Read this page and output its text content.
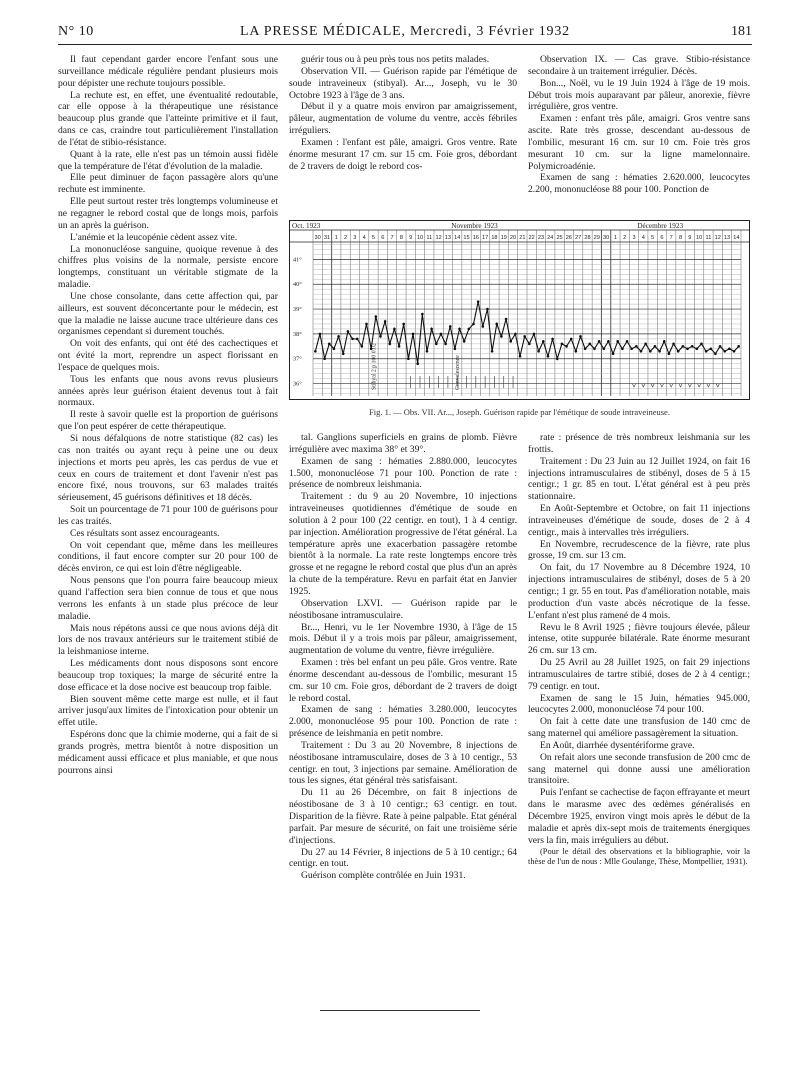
N° 10	LA PRESSE MÉDICALE, Mercredi, 3 Février 1932	181

Il faut cependant garder encore l'enfant sous une surveillance médicale régulière pendant plusieurs mois pour dépister une rechute toujours possible.

La rechute est, en effet, une éventualité redoutable, car elle oppose à la thérapeutique une résistance beaucoup plus grande que l'atteinte primitive et il faut, dans ce cas, craindre tout particulièrement l'installation de l'état de stibio-résistance.

Quant à la rate, elle n'est pas un témoin aussi fidèle que la température de l'état d'évolution de la maladie.

Elle peut diminuer de façon passagère alors qu'une rechute est imminente.

Elle peut surtout rester très longtemps volumineuse et ne regagner le rebord costal que de longs mois, parfois un an après la guérison.

L'anémie et la leucopénie cèdent assez vite.

La mononucléose sanguine, quoique revenue à des chiffres plus voisins de la normale, persiste encore longtemps, constituant un véritable stigmate de la maladie.

Une chose consolante, dans cette affection qui, par ailleurs, est souvent déconcertante pour le médecin, est que la maladie ne laisse aucune trace ultérieure dans ces organismes cependant si durement touchés.

On voit des enfants, qui ont été des cachectiques et ont évité la mort, reprendre un aspect florissant en l'espace de quelques mois.

Tous les enfants que nous avons revus plusieurs années après leur guérison étaient devenus tout à fait normaux.

Il reste à savoir quelle est la proportion de guérisons que l'on peut espérer de cette thérapeutique.

Si nous défalquons de notre statistique (82 cas) les cas non traités ou ayant reçu à peine une ou deux injections et morts peu après, les cas perdus de vue et ceux en cours de traitement et dont l'avenir n'est pas encore fixé, nous trouvons, sur 63 malades traités sérieusement, 45 guérisons définitives et 18 décès.

Soit un pourcentage de 71 pour 100 de guérisons pour les cas traités.

Ces résultats sont assez encourageants.

On voit cependant que, même dans les meilleures conditions, il faut encore compter sur 20 pour 100 de décès environ, ce qui est loin d'être négligeable.

Nous pensons que l'on pourra faire beaucoup mieux quand l'affection sera bien connue de tous et que nous verrons les enfants à un stade plus précoce de leur maladie.

Mais nous répétons aussi ce que nous avions déjà dit lors de nos travaux antérieurs sur le traitement stibié de la leishmaniose interne.

Les médicaments dont nous disposons sont encore beaucoup trop toxiques; la marge de sécurité entre la dose efficace et la dose nocive est beaucoup trop faible.

Bien souvent même cette marge est nulle, et il faut arriver jusqu'aux limites de l'intoxication pour obtenir un effet utile.

Espérons donc que la chimie moderne, qui a fait de si grands progrès, mettra bientôt à notre disposition un médicament aussi efficace et plus maniable, et que nous pourrons ainsi

guérir tous ou à peu près tous nos petits malades.

Observation VII. — Guérison rapide par l'émétique de soude intraveineux (stibyal). Ar..., Joseph, vu le 30 Octobre 1923 à l'âge de 3 ans.

Début il y a quatre mois environ par amaigrissement, pâleur, augmentation de volume du ventre, accès fébriles irréguliers.

Examen : l'enfant est pâle, amaigri. Gros ventre. Rate énorme mesurant 17 cm. sur 15 cm. Foie gros, débordant de 2 travers de doigt le rebord cos-

Observation IX. — Cas grave. Stibio-résistance secondaire à un traitement irrégulier. Décès.

Bon..., Noël, vu le 19 Juin 1924 à l'âge de 19 mois. Début trois mois auparavant par pâleur, anorexie, fièvre irrégulière, gros ventre.

Examen : enfant très pâle, amaigri. Gros ventre sans ascite. Rate très grosse, descendant au-dessous de l'ombilic, mesurant 16 cm. sur 10 cm. Foie très gros mesurant 10 cm. sur la ligne mamelonnaire. Polymicroadénie.

Examen de sang : hématies 2.620.000, leucocytes 2.200, mononucléose 88 pour 100. Ponction de

Oct. 1923	Novembre 1923	Décembre 1923
30 31 1 2 3 4 5 6 7 8 9 10 11 12 13 14 15 16 17 18 19 20 21 22 23 24 25 26 27 28 29 30 1 2 3 4 5 6 7 8 9 10 11 12 13 14
41°
40°
39°
38°
37°
36°	Stibyal 2 p 100 0.02	Convalescence
Fig. 1. — Obs. VII. Ar..., Joseph. Guérison rapide par l'émétique de soude intraveineuse.

tal. Ganglions superficiels en grains de plomb. Fièvre irrégulière avec maxima 38° et 39°.

Examen de sang : hématies 2.880.000, leucocytes 1.500, mononucléose 71 pour 100. Ponction de rate : présence de nombreux leishmania.

Traitement : du 9 au 20 Novembre, 10 injections intraveineuses quotidiennes d'émétique de soude en solution à 2 pour 100 (22 centigr. en tout), 1 à 4 centigr. par injection. Amélioration progressive de l'état général. La température après une exacerbation passagère retombe bientôt à la normale. La rate reste longtemps encore très grosse et ne regagne le rebord costal que plus d'un an après la chute de la température. Revu en parfait état en Janvier 1925.

Observation LXVI. — Guérison rapide par le néostibosane intramusculaire.

Br..., Henri, vu le 1er Novembre 1930, à l'âge de 15 mois. Début il y a trois mois par pâleur, amaigrissement, augmentation de volume du ventre, fièvre irrégulière.

Examen : très bel enfant un peu pâle. Gros ventre. Rate énorme descendant au-dessous de l'ombilic, mesurant 15 cm. sur 10 cm. Foie gros, débordant de 2 travers de doigt le rebord costal.

Examen de sang : hématies 3.280.000, leucocytes 2.000, mononucléose 95 pour 100. Ponction de rate : présence de leishmania en petit nombre.

Traitement : Du 3 au 20 Novembre, 8 injections de néostibosane intramusculaire, doses de 3 à 10 centigr., 53 centigr. en tout, 3 injections par semaine. Amélioration de tous les signes, état général très satisfaisant.

Du 11 au 26 Décembre, on fait 8 injections de néostibosane de 3 à 10 centigr.; 63 centigr. en tout. Disparition de la fièvre. Rate à peine palpable. Etat général parfait. Par mesure de sécurité, on fait une troisième série d'injections.

Du 27 au 14 Février, 8 injections de 5 à 10 centigr.; 64 centigr. en tout.

Guérison complète contrôlée en Juin 1931.

rate : présence de très nombreux leishmania sur les frottis.

Traitement : Du 23 Juin au 12 Juillet 1924, on fait 16 injections intramusculaires de stibényl, doses de 5 à 15 centigr.; 1 gr. 85 en tout. L'état général est à peu près stationnaire.

En Août-Septembre et Octobre, on fait 11 injections intraveineuses d'émétique de soude, doses de 2 à 4 centigr., mais à intervalles très irréguliers.

En Novembre, recrudescence de la fièvre, rate plus grosse, 19 cm. sur 13 cm.

On fait, du 17 Novembre au 8 Décembre 1924, 10 injections intramusculaires de stibényl, doses de 5 à 20 centigr.; 1 gr. 55 en tout. Pas d'amélioration notable, mais production d'un vaste abcès nécrotique de la fesse. L'enfant n'est plus ramené de 4 mois.

Revu le 8 Avril 1925 ; fièvre toujours élevée, pâleur intense, otite suppurée bilatérale. Rate énorme mesurant 26 cm. sur 13 cm.

Du 25 Avril au 28 Juillet 1925, on fait 29 injections intramusculaires de tartre stibié, doses de 2 à 4 centigr.; 79 centigr. en tout.

Examen de sang le 15 Juin, hématies 945.000, leucocytes 2.000, mononucléose 74 pour 100.

On fait à cette date une transfusion de 140 cmc de sang maternel qui améliore passagèrement la situation.

En Août, diarrhée dysentériforme grave.

On refait alors une seconde transfusion de 200 cmc de sang maternel qui donne aussi une amélioration transitoire.

Puis l'enfant se cachectise de façon effrayante et meurt dans le marasme avec des œdèmes généralisés en Décembre 1925, environ vingt mois après le début de la maladie et après dix-sept mois de traitements énergiques vers la fin, mais irréguliers au début.

(Pour le détail des observations et la bibliographie, voir la thèse de l'un de nous : Mlle Goulange, Thèse, Montpellier, 1931).
